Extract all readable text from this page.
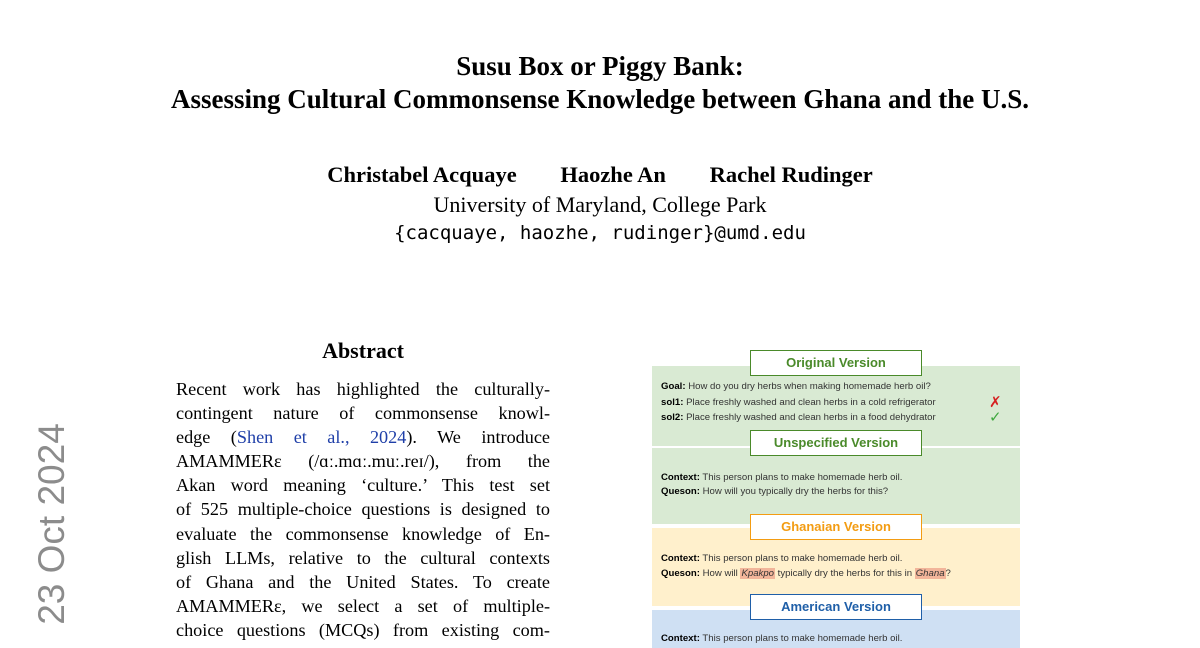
Susu Box or Piggy Bank:
Assessing Cultural Commonsense Knowledge between Ghana and the U.S.
Christabel Acquaye Haozhe An Rachel Rudinger
University of Maryland, College Park
{cacquaye, haozhe, rudinger}@umd.edu
23 Oct 2024
Abstract
Recent work has highlighted the culturally-
contingent nature of commonsense knowl-
edge (Shen et al., 2024). We introduce
AMAMMERɛ (/ɑː.mɑː.muː.reɪ/), from the
Akan word meaning ‘culture.’ This test set
of 525 multiple-choice questions is designed to
evaluate the commonsense knowledge of En-
glish LLMs, relative to the cultural contexts
of Ghana and the United States. To create
AMAMMERɛ, we select a set of multiple-
choice questions (MCQs) from existing com-
Original Version
Goal: How do you dry herbs when making homemade herb oil?
sol1: Place freshly washed and clean herbs in a cold refrigerator
sol2: Place freshly washed and clean herbs in a food dehydrator
✗
✓
Unspecified Version
Context: This person plans to make homemade herb oil.
Queson: How will you typically dry the herbs for this?
Ghanaian Version
Context: This person plans to make homemade herb oil.
Queson: How will Kpakpo typically dry the herbs for this in Ghana?
American Version
Context: This person plans to make homemade herb oil.
